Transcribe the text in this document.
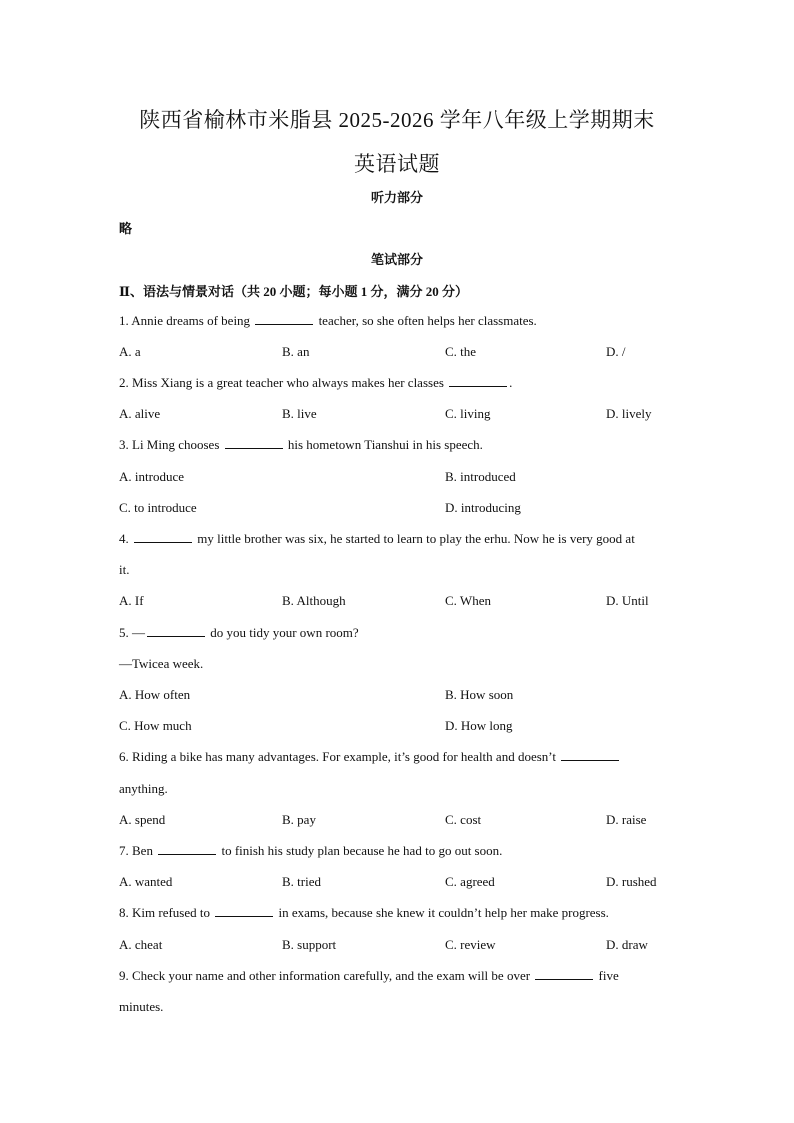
陕西省榆林市米脂县 2025-2026 学年八年级上学期期末
英语试题
听力部分
略
笔试部分
Ⅱ、语法与情景对话（共 20 小题；每小题 1 分，满分 20 分）
1. Annie dreams of being	teacher, so she often helps her classmates.
A. a	B. an	C. the	D. /
2. Miss Xiang is a great teacher who always makes her classes	.
A. alive	B. live	C. living	D. lively
3. Li Ming chooses	his hometown Tianshui in his speech.
A. introduce	B. introduced
C. to introduce	D. introducing
4.	my little brother was six, he started to learn to play the erhu. Now he is very good at
it.
A. If	B. Although	C. When	D. Until
5. —	do you tidy your own room?
—Twicea week.
A. How often	B. How soon
C. How much	D. How long
6. Riding a bike has many advantages. For example, it’s good for health and doesn’t
anything.
A. spend	B. pay	C. cost	D. raise
7. Ben	to finish his study plan because he had to go out soon.
A. wanted	B. tried	C. agreed	D. rushed
8. Kim refused to	in exams, because she knew it couldn’t help her make progress.
A. cheat	B. support	C. review	D. draw
9. Check your name and other information carefully, and the exam will be over	five
minutes.
